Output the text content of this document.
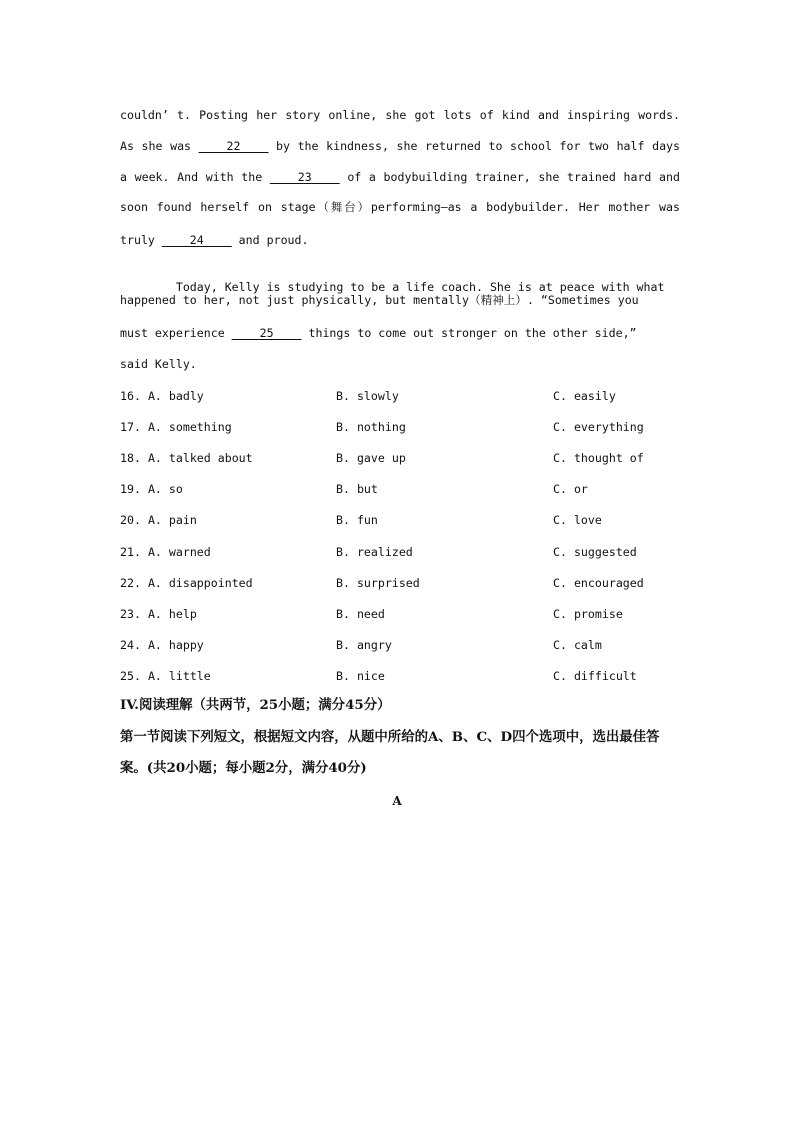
couldn’ t. Posting her story online, she got lots of kind and inspiring words.
As she was ____22____ by the kindness, she returned to school for two half days
a week. And with the ____23____ of a bodybuilding trainer, she trained hard and
soon found herself on stage（舞台）performing—as a bodybuilder. Her mother was
truly ____24____ and proud.

Today, Kelly is studying to be a life coach. She is at peace with what

happened to her, not just physically, but mentally（精神上）. “Sometimes you
must experience ____25____ things to come out stronger on the other side,”
said Kelly.
16. A. badly	B. slowly	C. easily
17. A. something	B. nothing	C. everything
18. A. talked about	B. gave up	C. thought of
19. A. so	B. but	C. or
20. A. pain	B. fun	C. love
21. A. warned	B. realized	C. suggested
22. A. disappointed	B. surprised	C. encouraged
23. A. help	B. need	C. promise
24. A. happy	B. angry	C. calm
25. A. little	B. nice	C. difficult
IV.阅读理解（共两节，25小题；满分45分）
第一节阅读下列短文，根据短文内容，从题中所给的A、B、C、D四个选项中，选出最佳答
案。(共20小题；每小题2分，满分40分)
A
